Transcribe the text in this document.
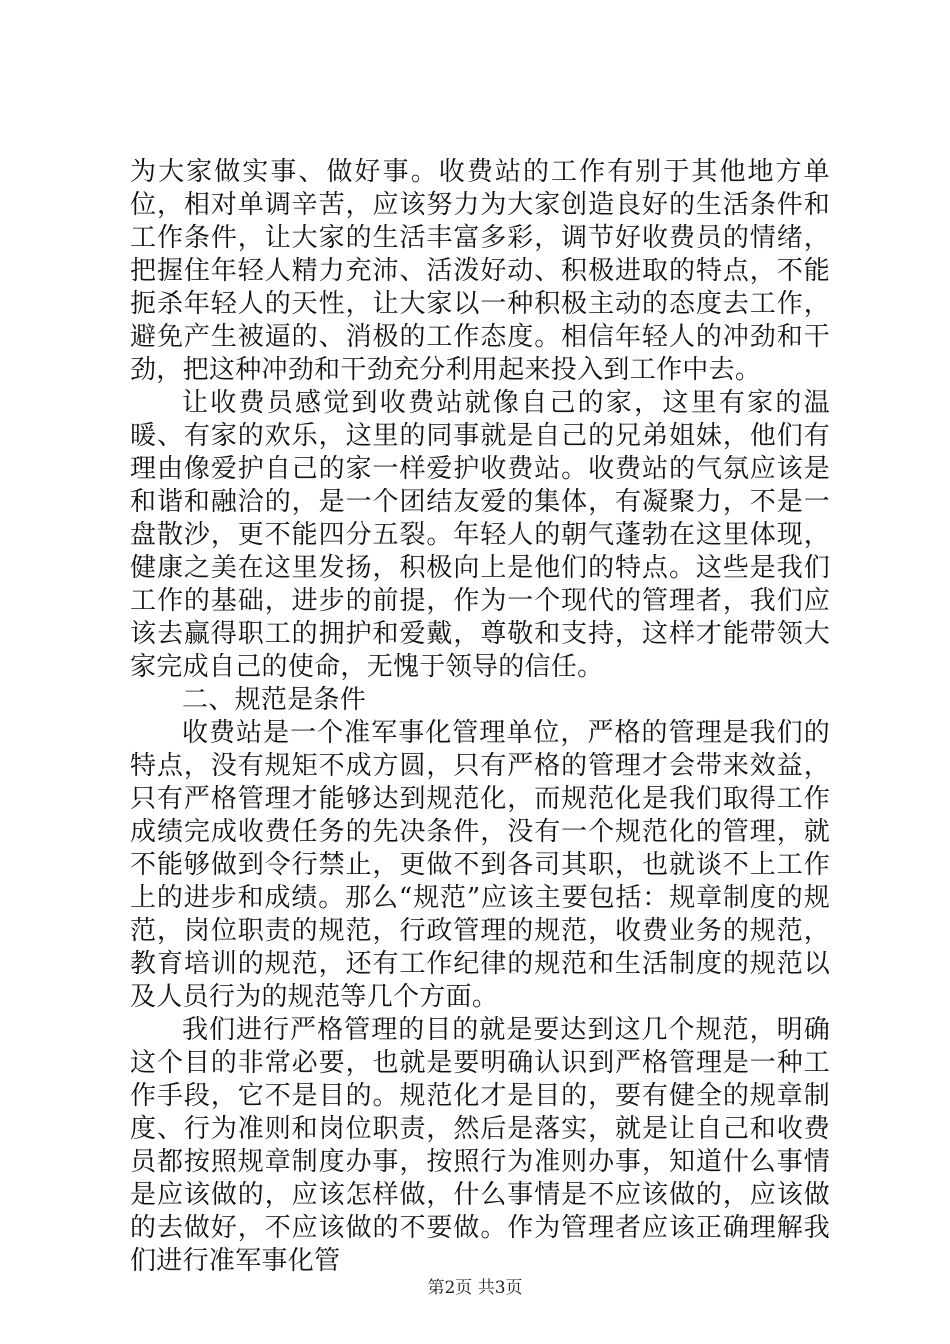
为大家做实事、做好事。收费站的工作有别于其他地方单位，相对单调辛苦，应该努力为大家创造良好的生活条件和工作条件，让大家的生活丰富多彩，调节好收费员的情绪，把握住年轻人精力充沛、活泼好动、积极进取的特点，不能扼杀年轻人的天性，让大家以一种积极主动的态度去工作，避免产生被逼的、消极的工作态度。相信年轻人的冲劲和干劲，把这种冲劲和干劲充分利用起来投入到工作中去。

让收费员感觉到收费站就像自己的家，这里有家的温暖、有家的欢乐，这里的同事就是自己的兄弟姐妹，他们有理由像爱护自己的家一样爱护收费站。收费站的气氛应该是和谐和融洽的，是一个团结友爱的集体，有凝聚力，不是一盘散沙，更不能四分五裂。年轻人的朝气蓬勃在这里体现，健康之美在这里发扬，积极向上是他们的特点。这些是我们工作的基础，进步的前提，作为一个现代的管理者，我们应该去赢得职工的拥护和爱戴，尊敬和支持，这样才能带领大家完成自己的使命，无愧于领导的信任。

二、规范是条件

收费站是一个准军事化管理单位，严格的管理是我们的特点，没有规矩不成方圆，只有严格的管理才会带来效益，只有严格管理才能够达到规范化，而规范化是我们取得工作成绩完成收费任务的先决条件，没有一个规范化的管理，就不能够做到令行禁止，更做不到各司其职，也就谈不上工作上的进步和成绩。那么“规范”应该主要包括：规章制度的规范，岗位职责的规范，行政管理的规范，收费业务的规范，教育培训的规范，还有工作纪律的规范和生活制度的规范以及人员行为的规范等几个方面。

我们进行严格管理的目的就是要达到这几个规范，明确这个目的非常必要，也就是要明确认识到严格管理是一种工作手段，它不是目的。规范化才是目的，要有健全的规章制度、行为准则和岗位职责，然后是落实，就是让自己和收费员都按照规章制度办事，按照行为准则办事，知道什么事情是应该做的，应该怎样做，什么事情是不应该做的，应该做的去做好，不应该做的不要做。作为管理者应该正确理解我们进行准军事化管

第2页 共3页
